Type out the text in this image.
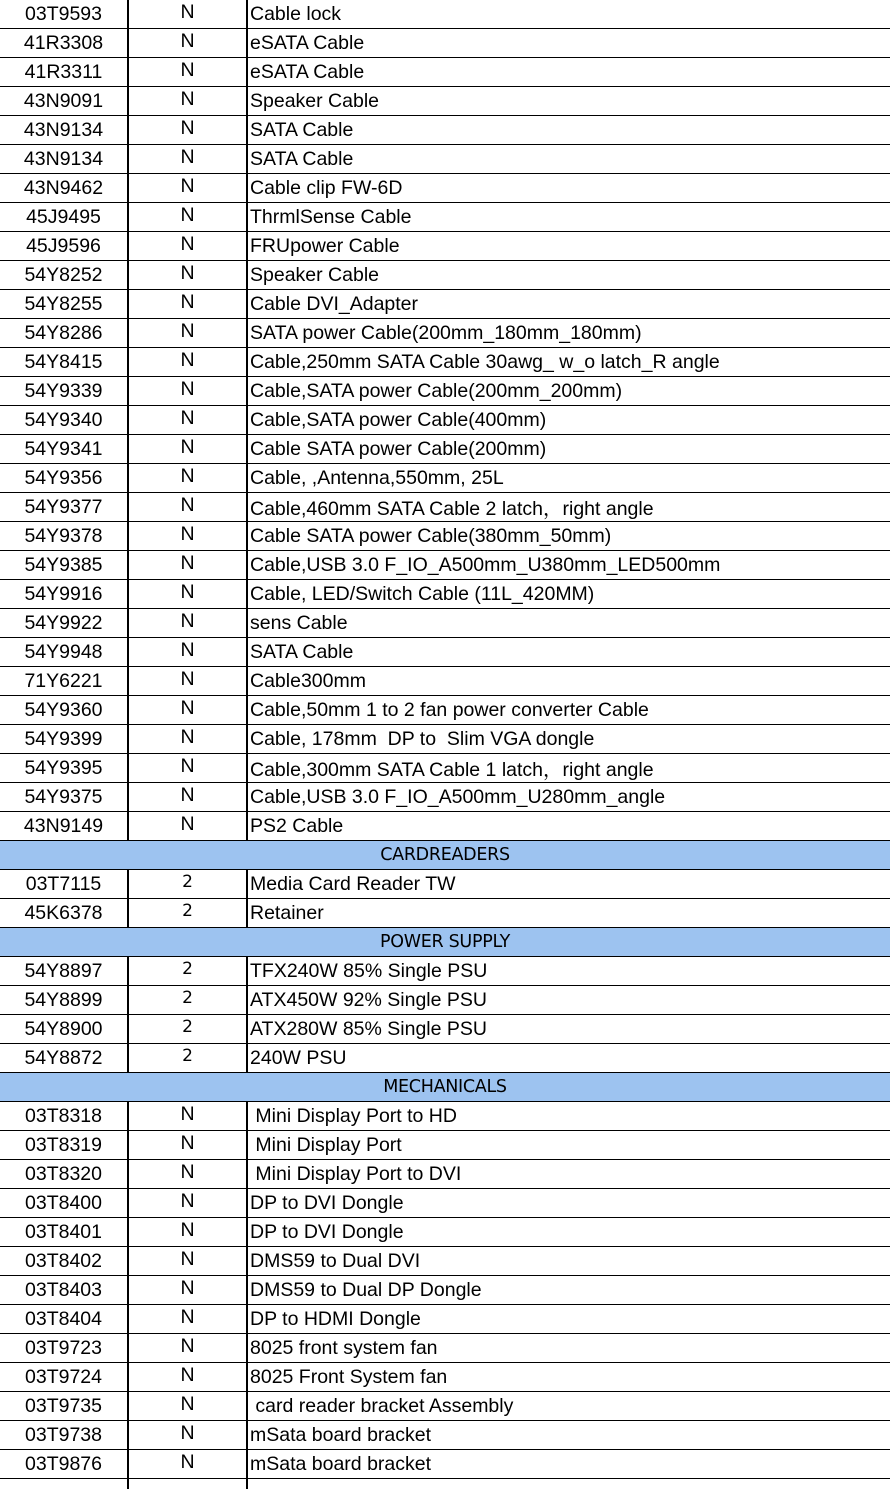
03T9593	N	Cable lock
41R3308	N	eSATA Cable
41R3311	N	eSATA Cable
43N9091	N	Speaker Cable
43N9134	N	SATA Cable
43N9134	N	SATA Cable
43N9462	N	Cable clip FW-6D
45J9495	N	ThrmlSense Cable
45J9596	N	FRUpower Cable
54Y8252	N	Speaker Cable
54Y8255	N	Cable DVI_Adapter
54Y8286	N	SATA power Cable(200mm_180mm_180mm)
54Y8415	N	Cable,250mm SATA Cable 30awg_ w_o latch_R angle
54Y9339	N	Cable,SATA power Cable(200mm_200mm)
54Y9340	N	Cable,SATA power Cable(400mm)
54Y9341	N	Cable SATA power Cable(200mm)
54Y9356	N	Cable, ,Antenna,550mm, 25L
54Y9377	N	Cable,460mm SATA Cable 2 latch，right angle
54Y9378	N	Cable SATA power Cable(380mm_50mm)
54Y9385	N	Cable,USB 3.0 F_IO_A500mm_U380mm_LED500mm
54Y9916	N	Cable, LED/Switch Cable (11L_420MM)
54Y9922	N	sens Cable
54Y9948	N	SATA Cable
71Y6221	N	Cable300mm
54Y9360	N	Cable,50mm 1 to 2 fan power converter Cable
54Y9399	N	Cable, 178mm  DP to  Slim VGA dongle
54Y9395	N	Cable,300mm SATA Cable 1 latch，right angle
54Y9375	N	Cable,USB 3.0 F_IO_A500mm_U280mm_angle
43N9149	N	PS2 Cable
CARDREADERS
03T7115	2	Media Card Reader TW
45K6378	2	Retainer
POWER SUPPLY
54Y8897	2	TFX240W 85% Single PSU
54Y8899	2	ATX450W 92% Single PSU
54Y8900	2	ATX280W 85% Single PSU
54Y8872	2	240W PSU
MECHANICALS
03T8318	N	Mini Display Port to HD
03T8319	N	Mini Display Port
03T8320	N	Mini Display Port to DVI
03T8400	N	DP to DVI Dongle
03T8401	N	DP to DVI Dongle
03T8402	N	DMS59 to Dual DVI
03T8403	N	DMS59 to Dual DP Dongle
03T8404	N	DP to HDMI Dongle
03T9723	N	8025 front system fan
03T9724	N	8025 Front System fan
03T9735	N	card reader bracket Assembly
03T9738	N	mSata board bracket
03T9876	N	mSata board bracket
